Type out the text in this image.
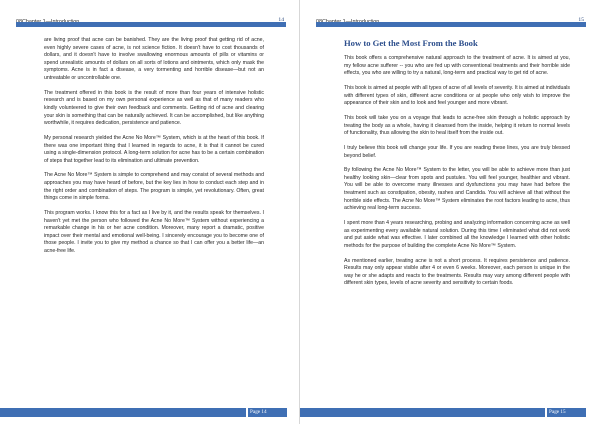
14

are living proof that acne can be banished. They are the living proof that getting rid of acne, even highly severe cases of acne, is not science fiction. It doesn't have to cost thousands of dollars, and it doesn't have to involve swallowing enormous amounts of pills or vitamins or spend unrealistic amounts of dollars on all sorts of lotions and ointments, which only mask the symptoms. Acne is in fact a disease, a very tormenting and horrible disease—but not an untreatable or uncontrollable one.

The treatment offered in this book is the result of more than four years of intensive holistic research and is based on my own personal experience as well as that of many readers who kindly volunteered to give their own feedback and comments. Getting rid of acne and clearing your skin is something that can be naturally achieved. It can be accomplished, but like anything worthwhile, it requires dedication, persistence and patience.

My personal research yielded the Acne No More™ System, which is at the heart of this book. If there was one important thing that I learned in regards to acne, it is that it cannot be cured using a single-dimension protocol. A long-term solution for acne has to be a certain combination of steps that together lead to its elimination and ultimate prevention.

The Acne No More™ System is simple to comprehend and may consist of several methods and approaches you may have heard of before, but the key lies in how to conduct each step and in the right order and combination of steps. The program is simple, yet revolutionary. Often, great things come in simple forms.

This program works. I know this for a fact as I live by it, and the results speak for themselves. I haven't yet met the person who followed the Acne No More™ System without experiencing a remarkable change in his or her acne condition. Moreover, many report a dramatic, positive impact over their mental and emotional well-being. I sincerely encourage you to become one of those people. I invite you to give my method a chance so that I can offer you a better life—an acne-free life.

Page 14
15
How to Get the Most From the Book

This book offers a comprehensive natural approach to the treatment of acne. It is aimed at you, my fellow acne sufferer -- you who are fed up with conventional treatments and their horrible side effects, you who are willing to try a natural, long-term and practical way to get rid of acne.

This book is aimed at people with all types of acne of all levels of severity. It is aimed at individuals with different types of skin, different acne conditions or at people who only wish to improve the appearance of their skin and to look and feel younger and more vibrant.

This book will take you on a voyage that leads to acne-free skin through a holistic approach by treating the body as a whole, having it cleansed from the inside, helping it return to normal levels of functionality, thus allowing the skin to heal itself from the inside out.

I truly believe this book will change your life. If you are reading these lines, you are truly blessed beyond belief.

By following the Acne No More™ System to the letter, you will be able to achieve more than just healthy looking skin—clear from spots and pustules. You will feel younger, healthier and vibrant. You will be able to overcome many illnesses and dysfunctions you may have had before the treatment such as constipation, obesity, rashes and Candida. You will achieve all that without the horrible side effects. The Acne No More™ System eliminates the root factors leading to acne, thus achieving real long-term success.

I spent more than 4 years researching, probing and analyzing information concerning acne as well as experimenting every available natural solution. During this time I eliminated what did not work and put aside what was effective. I later combined all the knowledge I learned with other holistic methods for the purpose of building the complete Acne No More™ System.

As mentioned earlier, treating acne is not a short process. It requires persistence and patience. Results may only appear visible after 4 or even 6 weeks. Moreover, each person is unique in the way he or she adapts and reacts to the treatments. Results may vary among different people with different skin types, levels of acne severity and sensitivity to certain foods.

Page 15
